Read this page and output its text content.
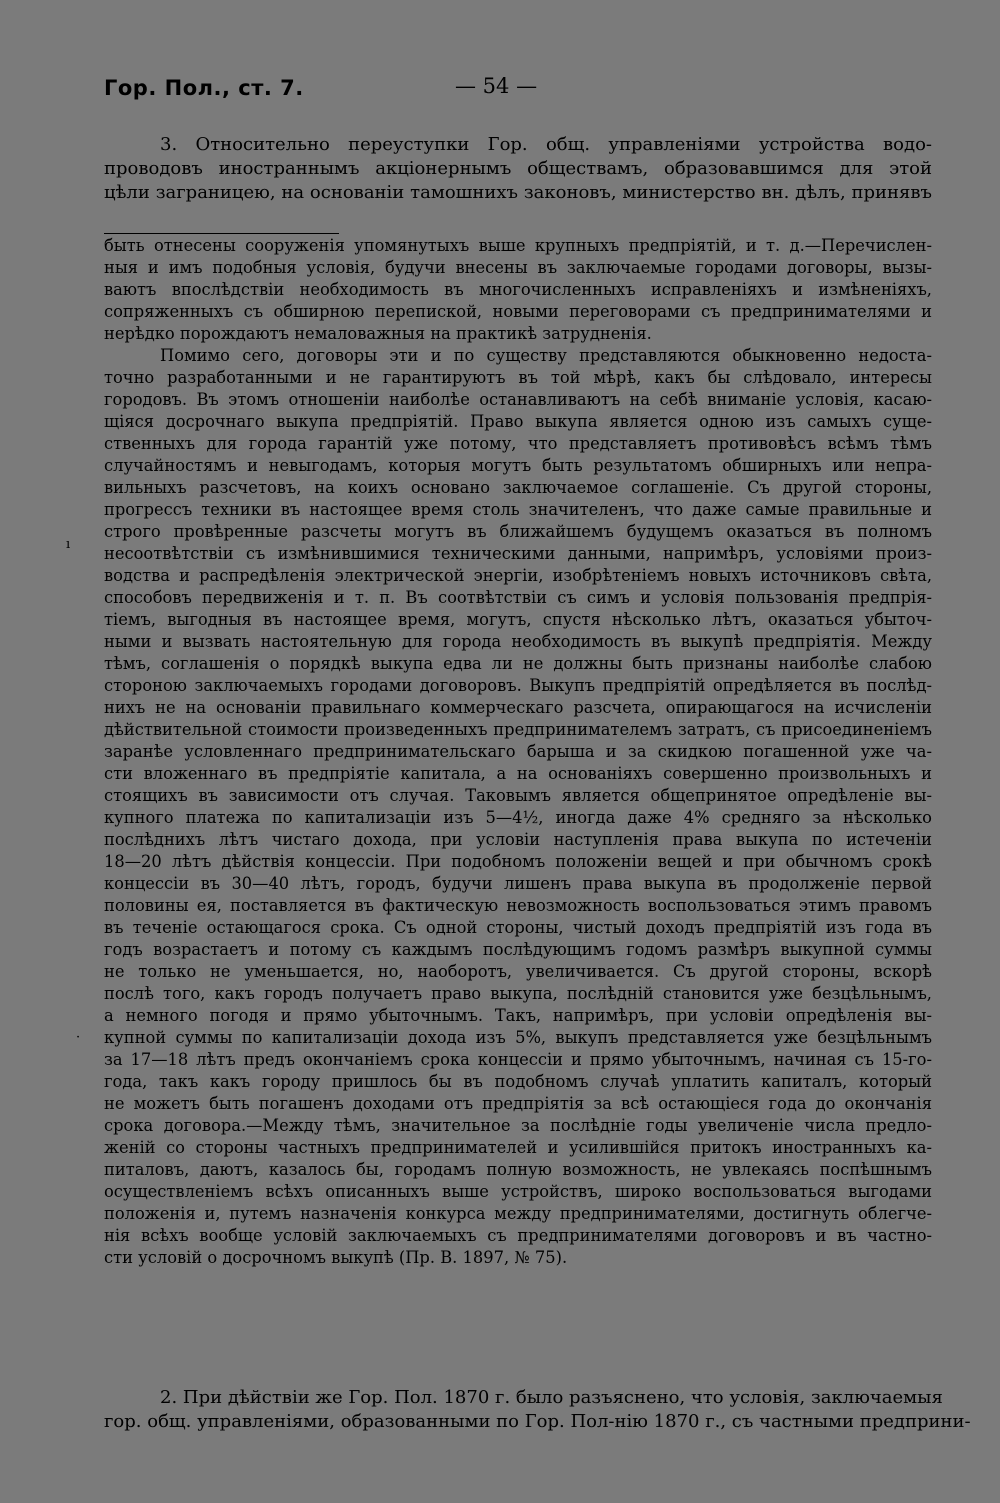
Гор. Пол., ст. 7.	— 54 —
3. Относительно переуступки Гор. общ. управленіями устройства водо-
проводовъ иностраннымъ акціонернымъ обществамъ, образовавшимся для этой
цѣли заграницею, на основаніи тамошнихъ законовъ, министерство вн. дѣлъ, принявъ
быть отнесены сооруженія упомянутыхъ выше крупныхъ предпріятій, и т. д.—Перечислен-
ныя и имъ подобныя условія, будучи внесены въ заключаемые городами договоры, вызы-
ваютъ впослѣдствіи необходимость въ многочисленныхъ исправленіяхъ и измѣненіяхъ,
сопряженныхъ съ обширною перепиской, новыми переговорами съ предпринимателями и
нерѣдко порождаютъ немаловажныя на практикѣ затрудненія.
Помимо сего, договоры эти и по существу представляются обыкновенно недоста-
точно разработанными и не гарантируютъ въ той мѣрѣ, какъ бы слѣдовало, интересы
городовъ. Въ этомъ отношеніи наиболѣе останавливаютъ на себѣ вниманіе условія, касаю-
щіяся досрочнаго выкупа предпріятій. Право выкупа является одною изъ самыхъ суще-
ственныхъ для города гарантій уже потому, что представляетъ противовѣсъ всѣмъ тѣмъ
случайностямъ и невыгодамъ, которыя могутъ быть результатомъ обширныхъ или непра-
вильныхъ разсчетовъ, на коихъ основано заключаемое соглашеніе. Съ другой стороны,
прогрессъ техники въ настоящее время столь значителенъ, что даже самые правильные и
строго провѣренные разсчеты могутъ въ ближайшемъ будущемъ оказаться въ полномъ
несоотвѣтствіи съ измѣнившимися техническими данными, напримѣръ, условіями произ-
водства и распредѣленія электрической энергіи, изобрѣтеніемъ новыхъ источниковъ свѣта,
способовъ передвиженія и т. п. Въ соотвѣтствіи съ симъ и условія пользованія предпрія-
тіемъ, выгодныя въ настоящее время, могутъ, спустя нѣсколько лѣтъ, оказаться убыточ-
ными и вызвать настоятельную для города необходимость въ выкупѣ предпріятія. Между
тѣмъ, соглашенія о порядкѣ выкупа едва ли не должны быть признаны наиболѣе слабою
стороною заключаемыхъ городами договоровъ. Выкупъ предпріятій опредѣляется въ послѣд-
нихъ не на основаніи правильнаго коммерческаго разсчета, опирающагося на исчисленіи
дѣйствительной стоимости произведенныхъ предпринимателемъ затратъ, съ присоединеніемъ
заранѣе условленнаго предпринимательскаго барыша и за скидкою погашенной уже ча-
сти вложеннаго въ предпріятіе капитала, а на основаніяхъ совершенно произвольныхъ и
стоящихъ въ зависимости отъ случая. Таковымъ является общепринятое опредѣленіе вы-
купного платежа по капитализаціи изъ 5—4½, иногда даже 4% средняго за нѣсколько
послѣднихъ лѣтъ чистаго дохода, при условіи наступленія права выкупа по истеченіи
18—20 лѣтъ дѣйствія концессіи. При подобномъ положеніи вещей и при обычномъ срокѣ
концессіи въ 30—40 лѣтъ, городъ, будучи лишенъ права выкупа въ продолженіе первой
половины ея, поставляется въ фактическую невозможность воспользоваться этимъ правомъ
въ теченіе остающагося срока. Съ одной стороны, чистый доходъ предпріятій изъ года въ
годъ возрастаетъ и потому съ каждымъ послѣдующимъ годомъ размѣръ выкупной суммы
не только не уменьшается, но, наоборотъ, увеличивается. Съ другой стороны, вскорѣ
послѣ того, какъ городъ получаетъ право выкупа, послѣдній становится уже безцѣльнымъ,
а немного погодя и прямо убыточнымъ. Такъ, напримѣръ, при условіи опредѣленія вы-
купной суммы по капитализаціи дохода изъ 5%, выкупъ представляется уже безцѣльнымъ
за 17—18 лѣтъ предъ окончаніемъ срока концессіи и прямо убыточнымъ, начиная съ 15-го-
года, такъ какъ городу пришлось бы въ подобномъ случаѣ уплатить капиталъ, который
не можетъ быть погашенъ доходами отъ предпріятія за всѣ остающіеся года до окончанія
срока договора.—Между тѣмъ, значительное за послѣдніе годы увеличеніе числа предло-
женій со стороны частныхъ предпринимателей и усилившійся притокъ иностранныхъ ка-
питаловъ, даютъ, казалось бы, городамъ полную возможность, не увлекаясь поспѣшнымъ
осуществленіемъ всѣхъ описанныхъ выше устройствъ, широко воспользоваться выгодами
положенія и, путемъ назначенія конкурса между предпринимателями, достигнуть облегче-
нія всѣхъ вообще условій заключаемыхъ съ предпринимателями договоровъ и въ частно-
сти условій о досрочномъ выкупѣ (Пр. В. 1897, № 75).
2. При дѣйствіи же Гор. Пол. 1870 г. было разъяснено, что условія, заключаемыя
гор. общ. управленіями, образованными по Гор. Пол-нію 1870 г., съ частными предприни-
ı
·
